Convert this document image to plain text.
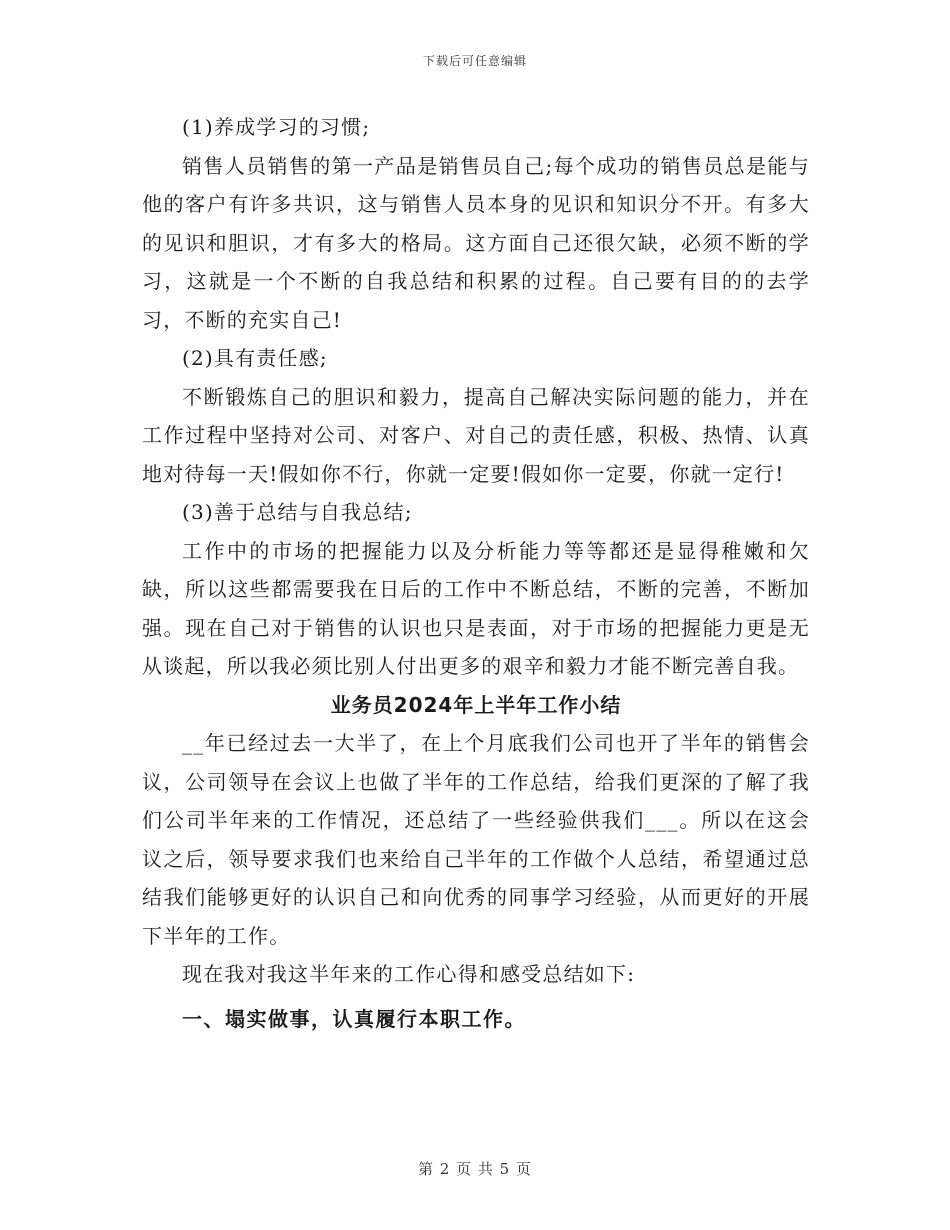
下载后可任意编辑

(1)养成学习的习惯;

销售人员销售的第一产品是销售员自己;每个成功的销售员总是能与他的客户有许多共识，这与销售人员本身的见识和知识分不开。有多大的见识和胆识，才有多大的格局。这方面自己还很欠缺，必须不断的学习，这就是一个不断的自我总结和积累的过程。自己要有目的的去学习，不断的充实自己!

(2)具有责任感;

不断锻炼自己的胆识和毅力，提高自己解决实际问题的能力，并在工作过程中坚持对公司、对客户、对自己的责任感，积极、热情、认真地对待每一天!假如你不行，你就一定要!假如你一定要，你就一定行!

(3)善于总结与自我总结;

工作中的市场的把握能力以及分析能力等等都还是显得稚嫩和欠缺，所以这些都需要我在日后的工作中不断总结，不断的完善，不断加强。现在自己对于销售的认识也只是表面，对于市场的把握能力更是无从谈起，所以我必须比别人付出更多的艰辛和毅力才能不断完善自我。

业务员2024年上半年工作小结

__年已经过去一大半了，在上个月底我们公司也开了半年的销售会议，公司领导在会议上也做了半年的工作总结，给我们更深的了解了我们公司半年来的工作情况，还总结了一些经验供我们___。所以在这会议之后，领导要求我们也来给自己半年的工作做个人总结，希望通过总结我们能够更好的认识自己和向优秀的同事学习经验，从而更好的开展下半年的工作。

现在我对我这半年来的工作心得和感受总结如下:

一、塌实做事，认真履行本职工作。

第 2 页 共 5 页
